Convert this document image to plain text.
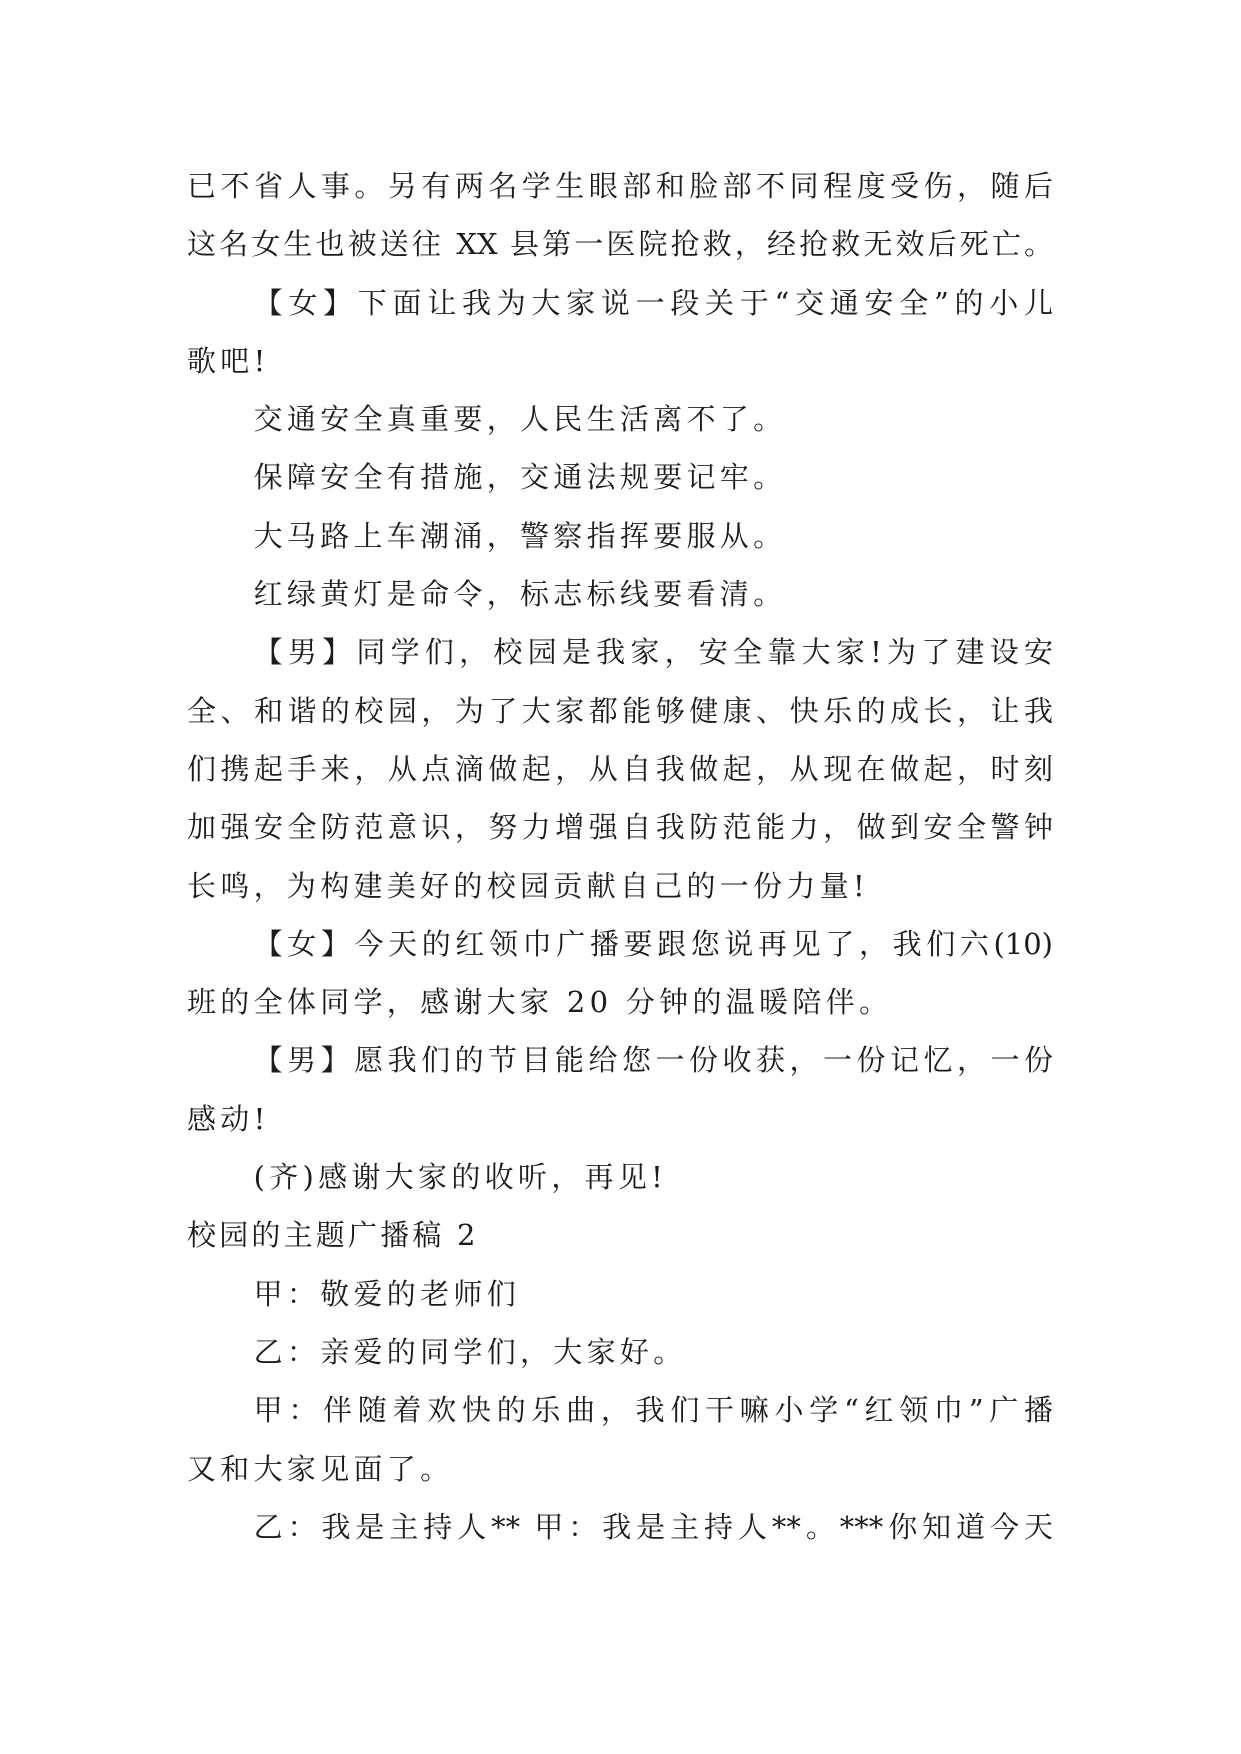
已不省人事。另有两名学生眼部和脸部不同程度受伤，随后
这名女生也被送往 XX 县第一医院抢救，经抢救无效后死亡。
【女】下面让我为大家说一段关于“交通安全”的小儿
歌吧!
交通安全真重要，人民生活离不了。
保障安全有措施，交通法规要记牢。
大马路上车潮涌，警察指挥要服从。
红绿黄灯是命令，标志标线要看清。
【男】同学们，校园是我家，安全靠大家!为了建设安
全、和谐的校园，为了大家都能够健康、快乐的成长，让我
们携起手来，从点滴做起，从自我做起，从现在做起，时刻
加强安全防范意识，努力增强自我防范能力，做到安全警钟
长鸣，为构建美好的校园贡献自己的一份力量!
【女】今天的红领巾广播要跟您说再见了，我们六(10)
班的全体同学，感谢大家 20 分钟的温暖陪伴。
【男】愿我们的节目能给您一份收获，一份记忆，一份
感动!
(齐)感谢大家的收听，再见!
校园的主题广播稿 2
甲：敬爱的老师们
乙：亲爱的同学们，大家好。
甲：伴随着欢快的乐曲，我们干嘛小学“红领巾”广播
又和大家见面了。
乙：我是主持人** 甲：我是主持人**。***你知道今天
